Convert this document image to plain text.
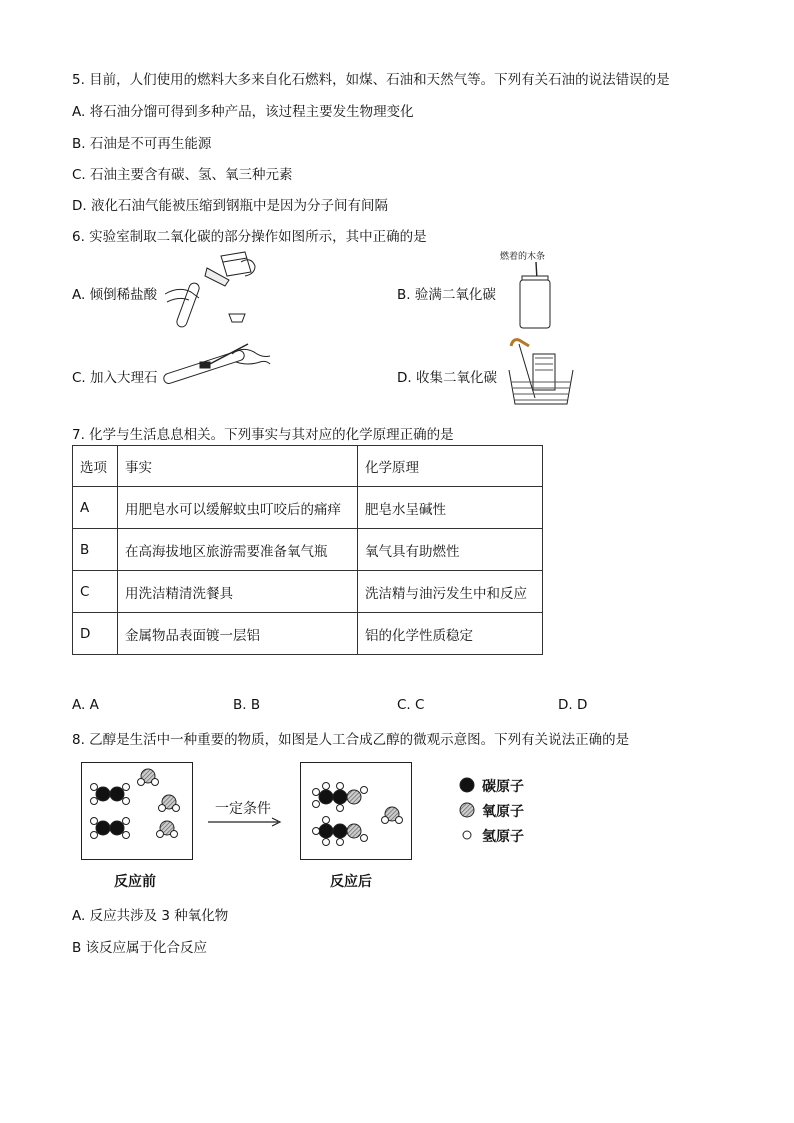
5. 目前，人们使用的燃料大多来自化石燃料，如煤、石油和天然气等。下列有关石油的说法错误的是
A. 将石油分馏可得到多种产品，该过程主要发生物理变化
B. 石油是不可再生能源
C. 石油主要含有碳、氢、氧三种元素
D. 液化石油气能被压缩到钢瓶中是因为分子间有间隔
6. 实验室制取二氧化碳的部分操作如图所示，其中正确的是
A. 倾倒稀盐酸	B. 验满二氧化碳
C. 加入大理石	D. 收集二氧化碳
燃着的木条
7. 化学与生活息息相关。下列事实与其对应的化学原理正确的是
选项	事实	化学原理
A	用肥皂水可以缓解蚊虫叮咬后的痛痒	肥皂水呈碱性
B	在高海拔地区旅游需要准备氧气瓶	氧气具有助燃性
C	用洗洁精清洗餐具	洗洁精与油污发生中和反应
D	金属物品表面镀一层铝	铝的化学性质稳定
A. A	B. B	C. C	D. D
8. 乙醇是生活中一种重要的物质，如图是人工合成乙醇的微观示意图。下列有关说法正确的是
一定条件
反应前	反应后
碳原子
氧原子
氢原子
A. 反应共涉及 3 种氧化物
B 该反应属于化合反应
